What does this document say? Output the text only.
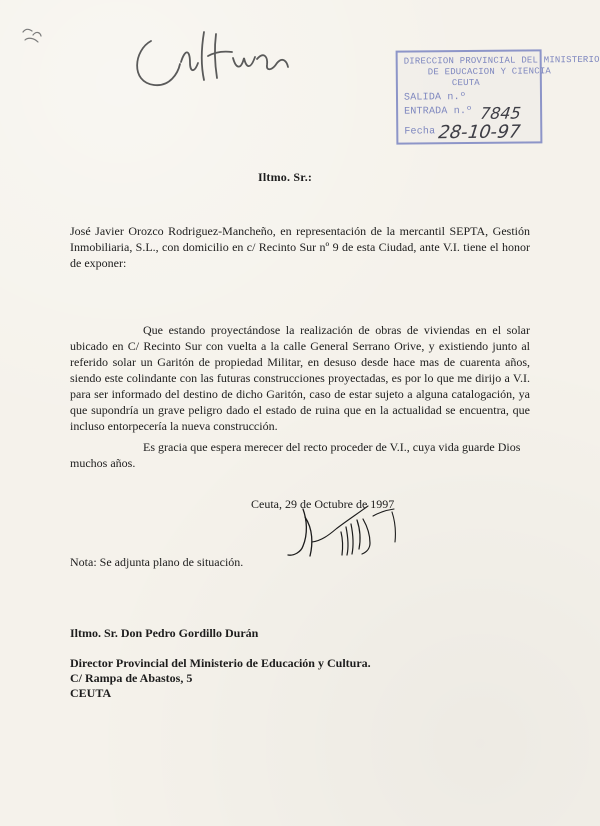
DIRECCION PROVINCIAL DEL MINISTERIO
DE EDUCACION Y CIENCIA
CEUTA
SALIDA n.º
ENTRADA n.º
Fecha
7845
28-10-97
Iltmo. Sr.:
José Javier Orozco Rodriguez-Mancheño, en representación de la mercantil SEPTA, Gestión Inmobiliaria, S.L., con domicilio en c/ Recinto Sur nº 9 de esta Ciudad, ante V.I. tiene el honor de exponer:
Que estando proyectándose la realización de obras de viviendas en el solar ubicado en C/ Recinto Sur con vuelta a la calle General Serrano Orive, y existiendo junto al referido solar un Garitón de propiedad Militar, en desuso desde hace mas de cuarenta años, siendo este colindante con las futuras construcciones proyectadas, es por lo que me dirijo a V.I. para ser informado del destino de dicho Garitón, caso de estar sujeto a alguna catalogación, ya que supondría un grave peligro dado el estado de ruina que en la actualidad se encuentra, que incluso entorpecería la nueva construcción.
Es gracia que espera merecer del recto proceder de V.I., cuya vida guarde Dios muchos años.
Ceuta, 29 de Octubre de 1997
Nota: Se adjunta plano de situación.
Iltmo. Sr. Don Pedro Gordillo Durán
Director Provincial del Ministerio de Educación y Cultura.
C/ Rampa de Abastos, 5
CEUTA
